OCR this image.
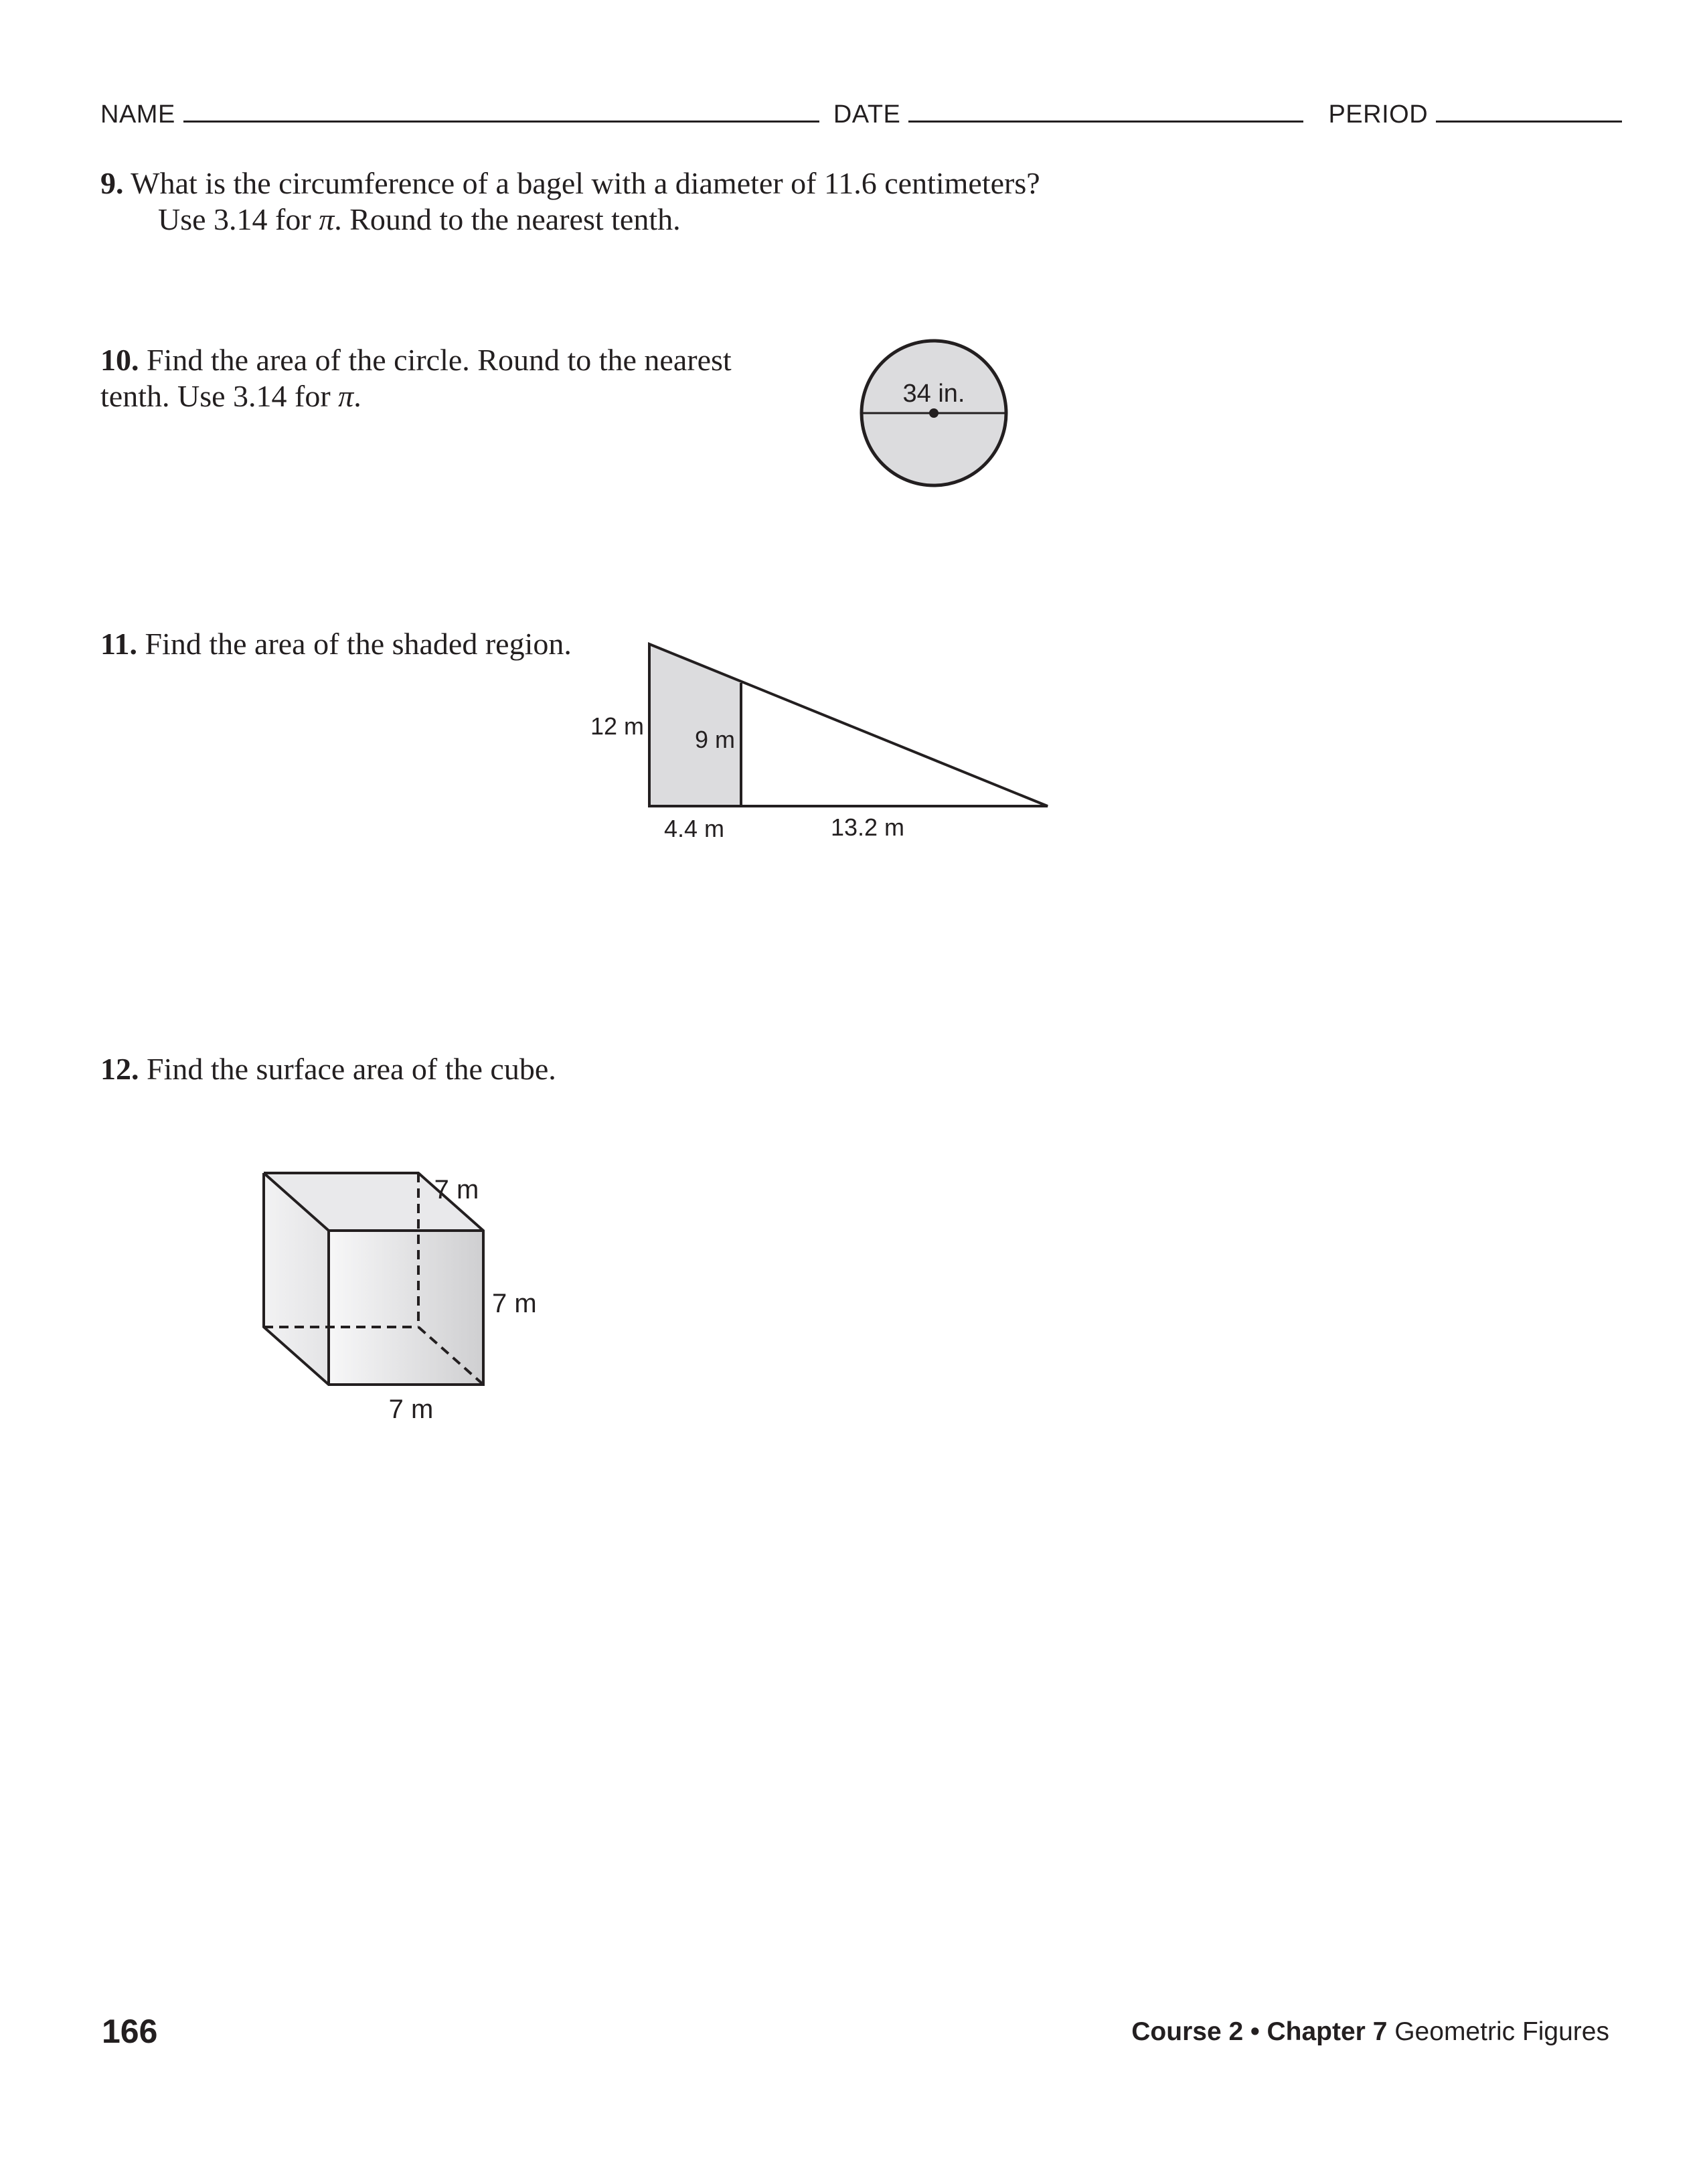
NAME	DATE	PERIOD
9. What is the circumference of a bagel with a diameter of 11.6 centimeters?
Use 3.14 for π. Round to the nearest tenth.
10. Find the area of the circle. Round to the nearest
tenth. Use 3.14 for π.	34 in.
11. Find the area of the shaded region.
12 m 9 m
4.4 m	13.2 m
12. Find the surface area of the cube.
7 m
7 m
7 m
166	Course 2 • Chapter 7 Geometric Figures
